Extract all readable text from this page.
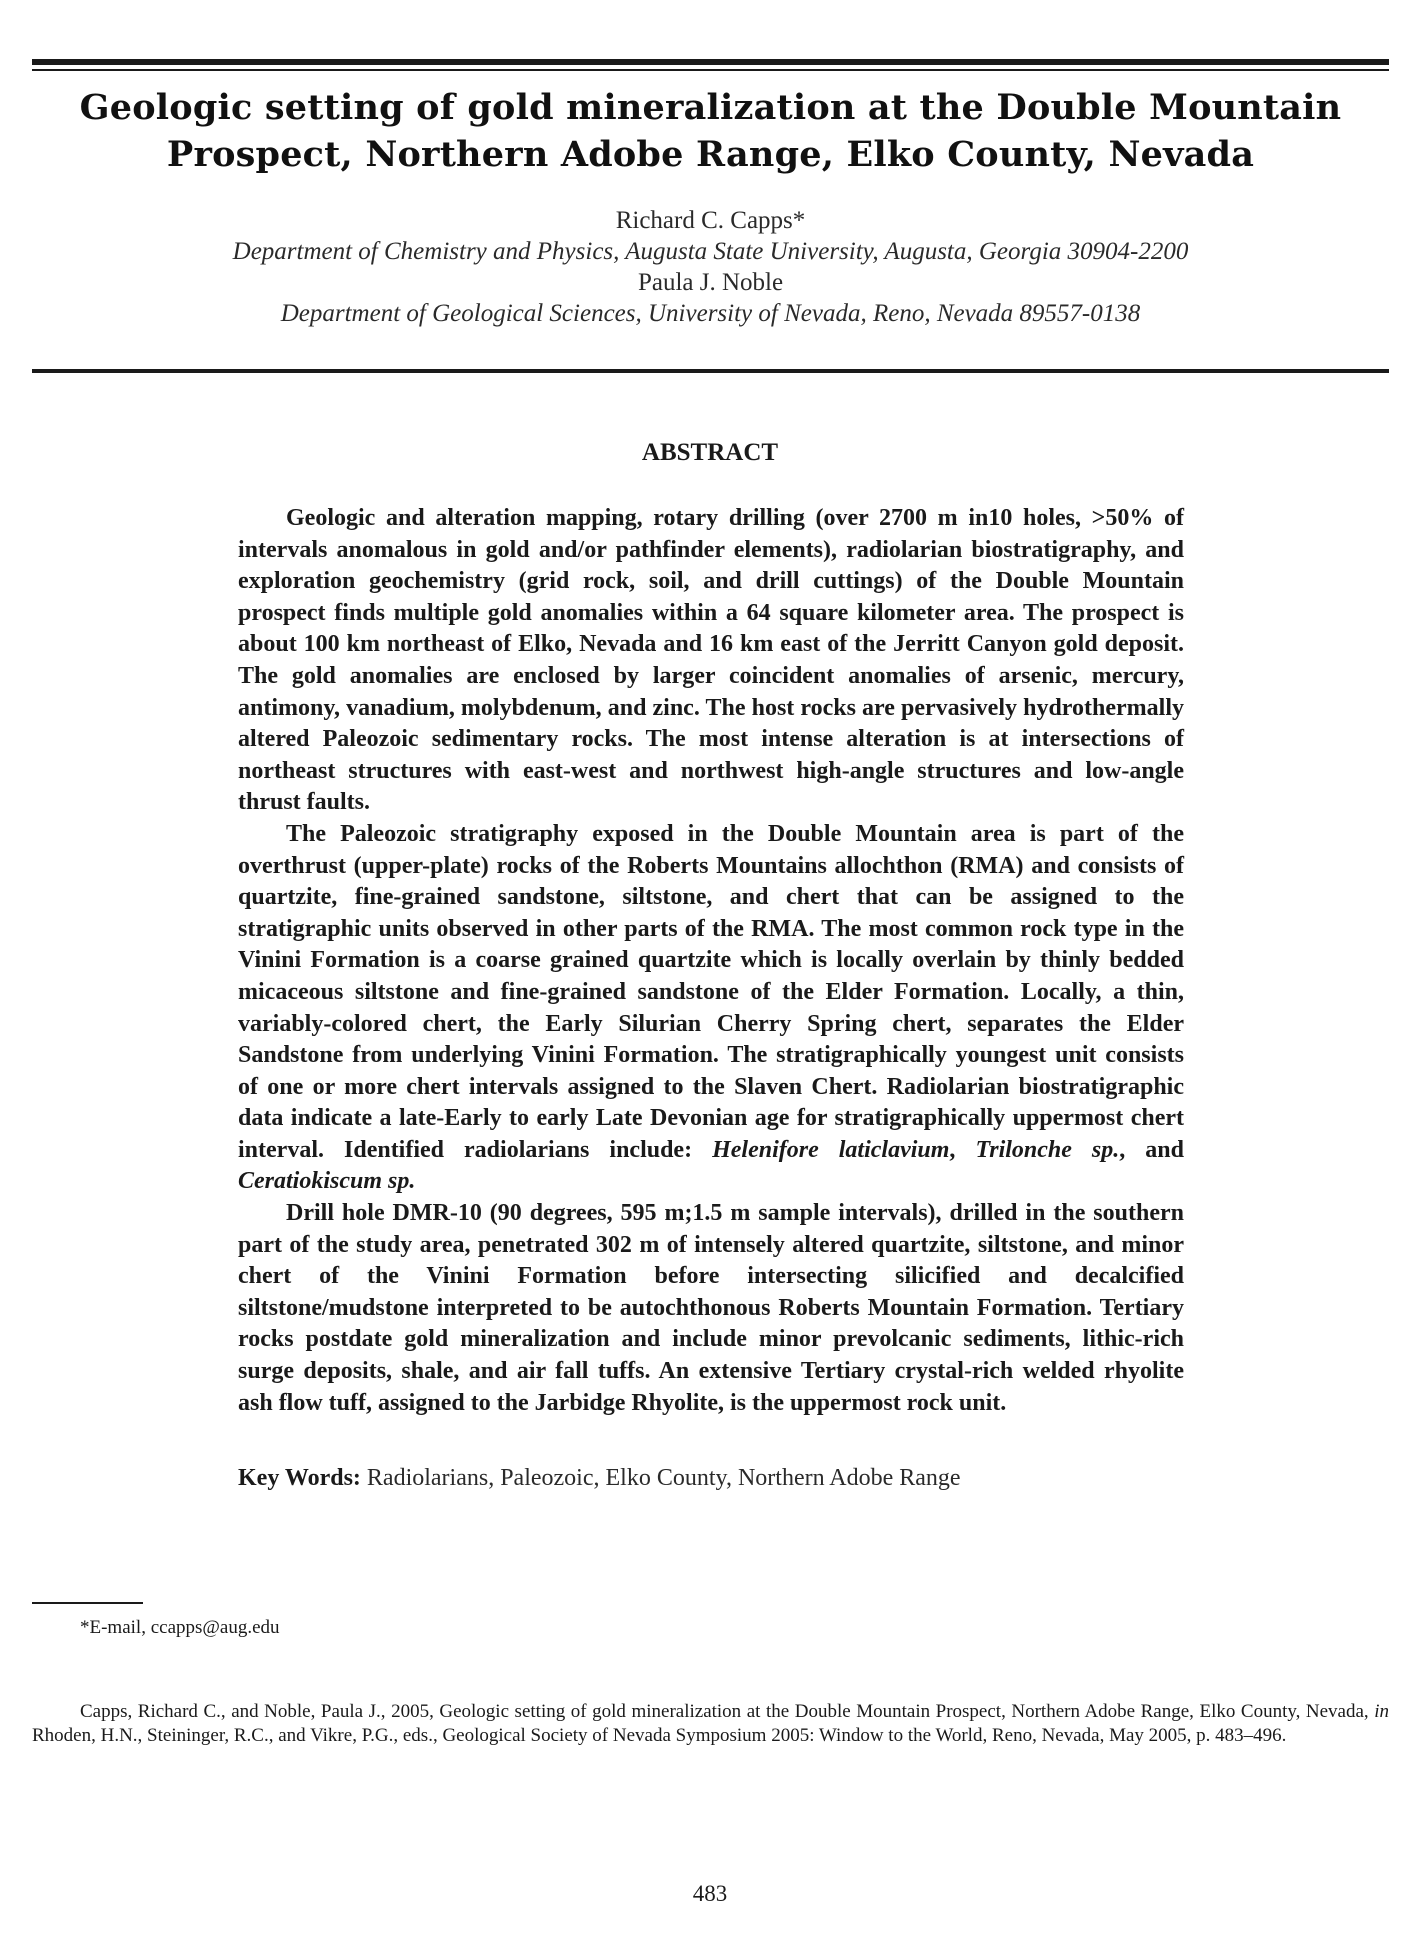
Geologic setting of gold mineralization at the Double Mountain
Prospect, Northern Adobe Range, Elko County, Nevada
Richard C. Capps*
Department of Chemistry and Physics, Augusta State University, Augusta, Georgia 30904-2200
Paula J. Noble
Department of Geological Sciences, University of Nevada, Reno, Nevada 89557-0138
ABSTRACT

Geologic and alteration mapping, rotary drilling (over 2700 m in10 holes, >50% of intervals anomalous in gold and/or pathfinder elements), radiolarian biostratigraphy, and exploration geochemistry (grid rock, soil, and drill cuttings) of the Double Mountain prospect finds multiple gold anomalies within a 64 square kilometer area. The prospect is about 100 km northeast of Elko, Nevada and 16 km east of the Jerritt Canyon gold deposit. The gold anomalies are enclosed by larger coincident anomalies of arsenic, mercury, antimony, vanadium, molybdenum, and zinc. The host rocks are pervasively hydrothermally altered Paleozoic sedimentary rocks. The most intense alteration is at intersections of northeast structures with east-west and northwest high-angle structures and low-angle thrust faults.

The Paleozoic stratigraphy exposed in the Double Mountain area is part of the overthrust (upper-plate) rocks of the Roberts Mountains allochthon (RMA) and consists of quartzite, fine-grained sandstone, siltstone, and chert that can be assigned to the stratigraphic units observed in other parts of the RMA. The most common rock type in the Vinini Formation is a coarse grained quartzite which is locally overlain by thinly bedded micaceous siltstone and fine-grained sandstone of the Elder Formation. Locally, a thin, variably-colored chert, the Early Silurian Cherry Spring chert, separates the Elder Sandstone from underlying Vinini Formation. The stratigraphically youngest unit consists of one or more chert intervals assigned to the Slaven Chert. Radiolarian biostratigraphic data indicate a late-Early to early Late Devonian age for stratigraphically uppermost chert interval. Identified radiolarians include: Helenifore laticlavium, Trilonche sp., and Ceratiokiscum sp.

Drill hole DMR-10 (90 degrees, 595 m;1.5 m sample intervals), drilled in the southern part of the study area, penetrated 302 m of intensely altered quartzite, siltstone, and minor chert of the Vinini Formation before intersecting silicified and decalcified siltstone/mudstone interpreted to be autochthonous Roberts Mountain Formation. Tertiary rocks postdate gold mineralization and include minor prevolcanic sediments, lithic-rich surge deposits, shale, and air fall tuffs. An extensive Tertiary crystal-rich welded rhyolite ash flow tuff, assigned to the Jarbidge Rhyolite, is the uppermost rock unit.

Key Words: Radiolarians, Paleozoic, Elko County, Northern Adobe Range
*E-mail, ccapps@aug.edu
Capps, Richard C., and Noble, Paula J., 2005, Geologic setting of gold mineralization at the Double Mountain Prospect, Northern Adobe Range, Elko County, Nevada, in Rhoden, H.N., Steininger, R.C., and Vikre, P.G., eds., Geological Society of Nevada Symposium 2005: Window to the World, Reno, Nevada, May 2005, p. 483–496.
483
